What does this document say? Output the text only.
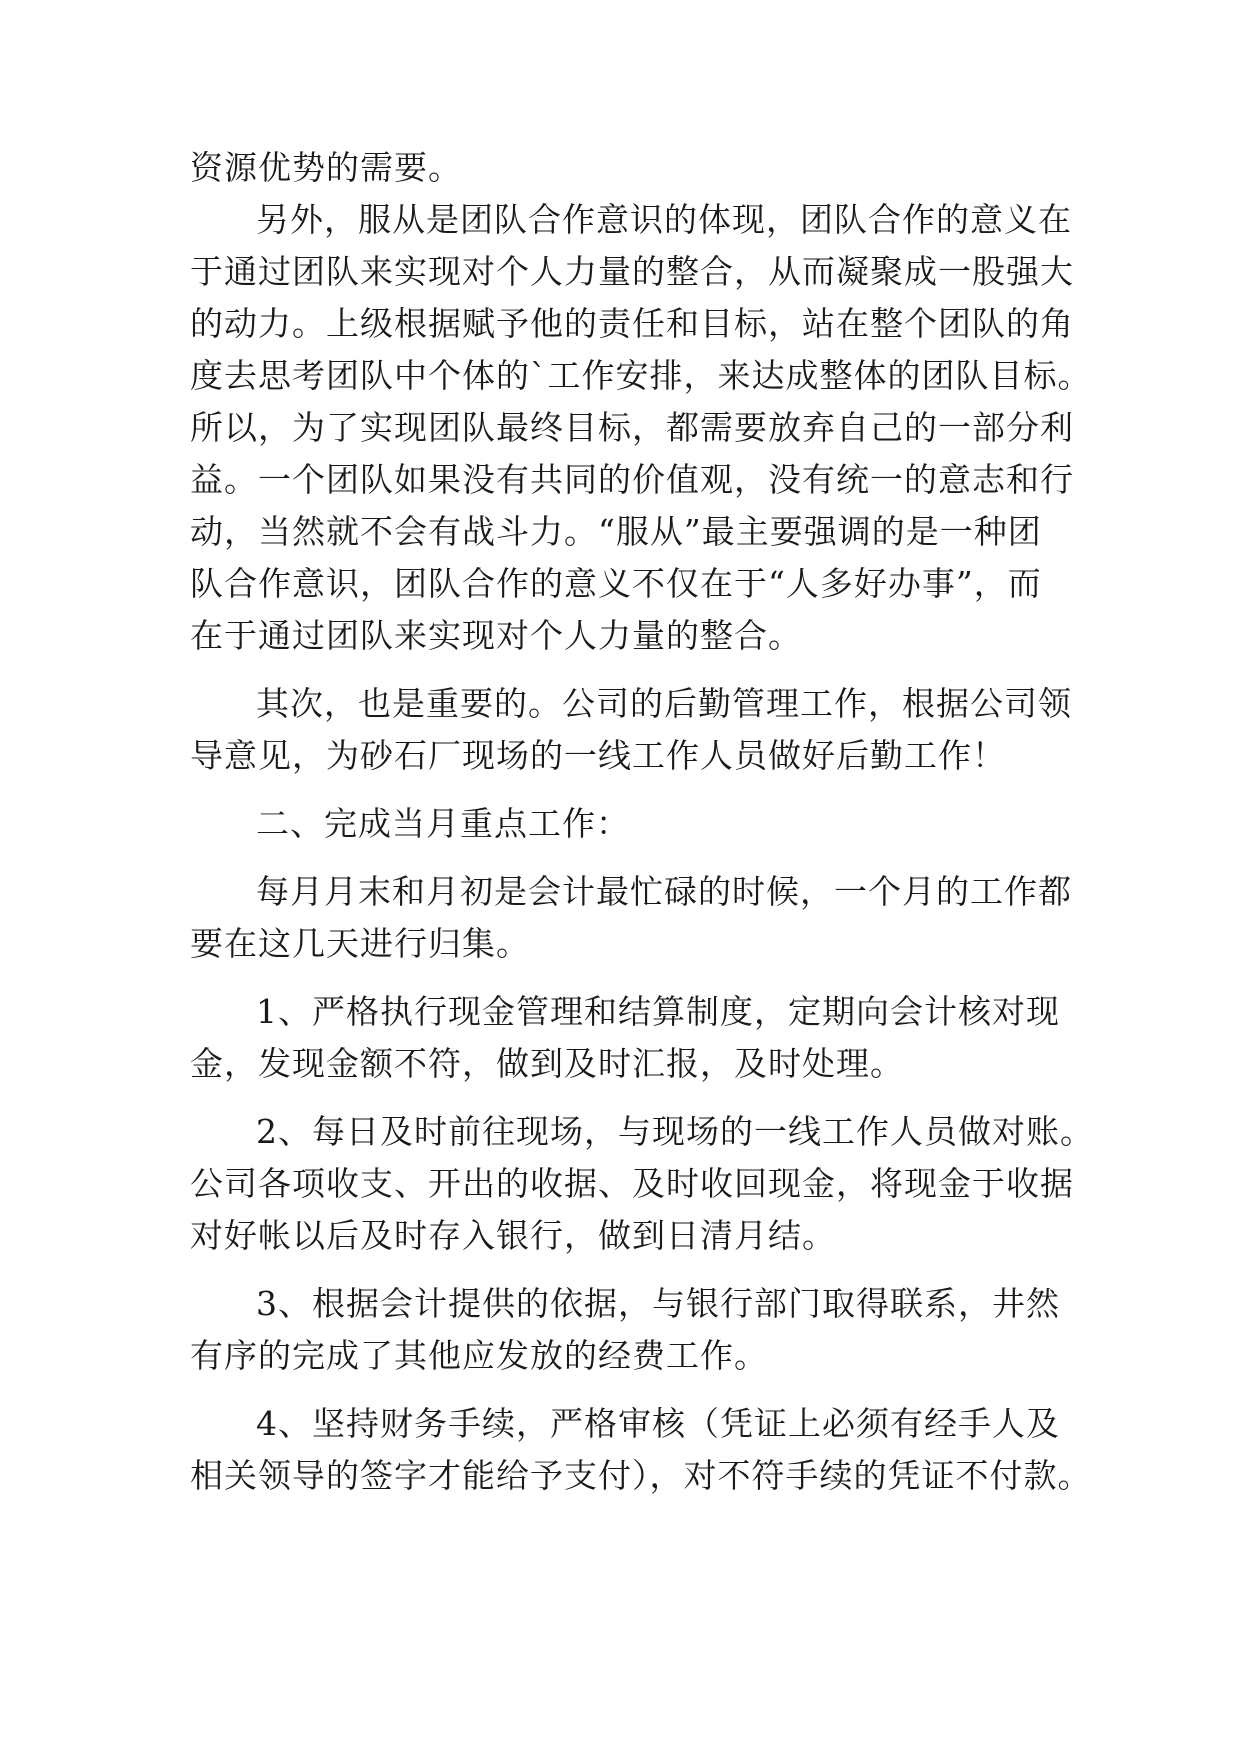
资源优势的需要。
另外，服从是团队合作意识的体现，团队合作的意义在
于通过团队来实现对个人力量的整合，从而凝聚成一股强大
的动力。上级根据赋予他的责任和目标，站在整个团队的角
度去思考团队中个体的`工作安排，来达成整体的团队目标。
所以，为了实现团队最终目标，都需要放弃自己的一部分利
益。一个团队如果没有共同的价值观，没有统一的意志和行
动，当然就不会有战斗力。“服从”最主要强调的是一种团
队合作意识，团队合作的意义不仅在于“人多好办事”，而
在于通过团队来实现对个人力量的整合。
其次，也是重要的。公司的后勤管理工作，根据公司领
导意见，为砂石厂现场的一线工作人员做好后勤工作！
二、完成当月重点工作：
每月月末和月初是会计最忙碌的时候，一个月的工作都
要在这几天进行归集。
1、严格执行现金管理和结算制度，定期向会计核对现
金，发现金额不符，做到及时汇报，及时处理。
2、每日及时前往现场，与现场的一线工作人员做对账。
公司各项收支、开出的收据、及时收回现金，将现金于收据
对好帐以后及时存入银行，做到日清月结。
3、根据会计提供的依据，与银行部门取得联系，井然
有序的完成了其他应发放的经费工作。
4、坚持财务手续，严格审核（凭证上必须有经手人及
相关领导的签字才能给予支付），对不符手续的凭证不付款。
